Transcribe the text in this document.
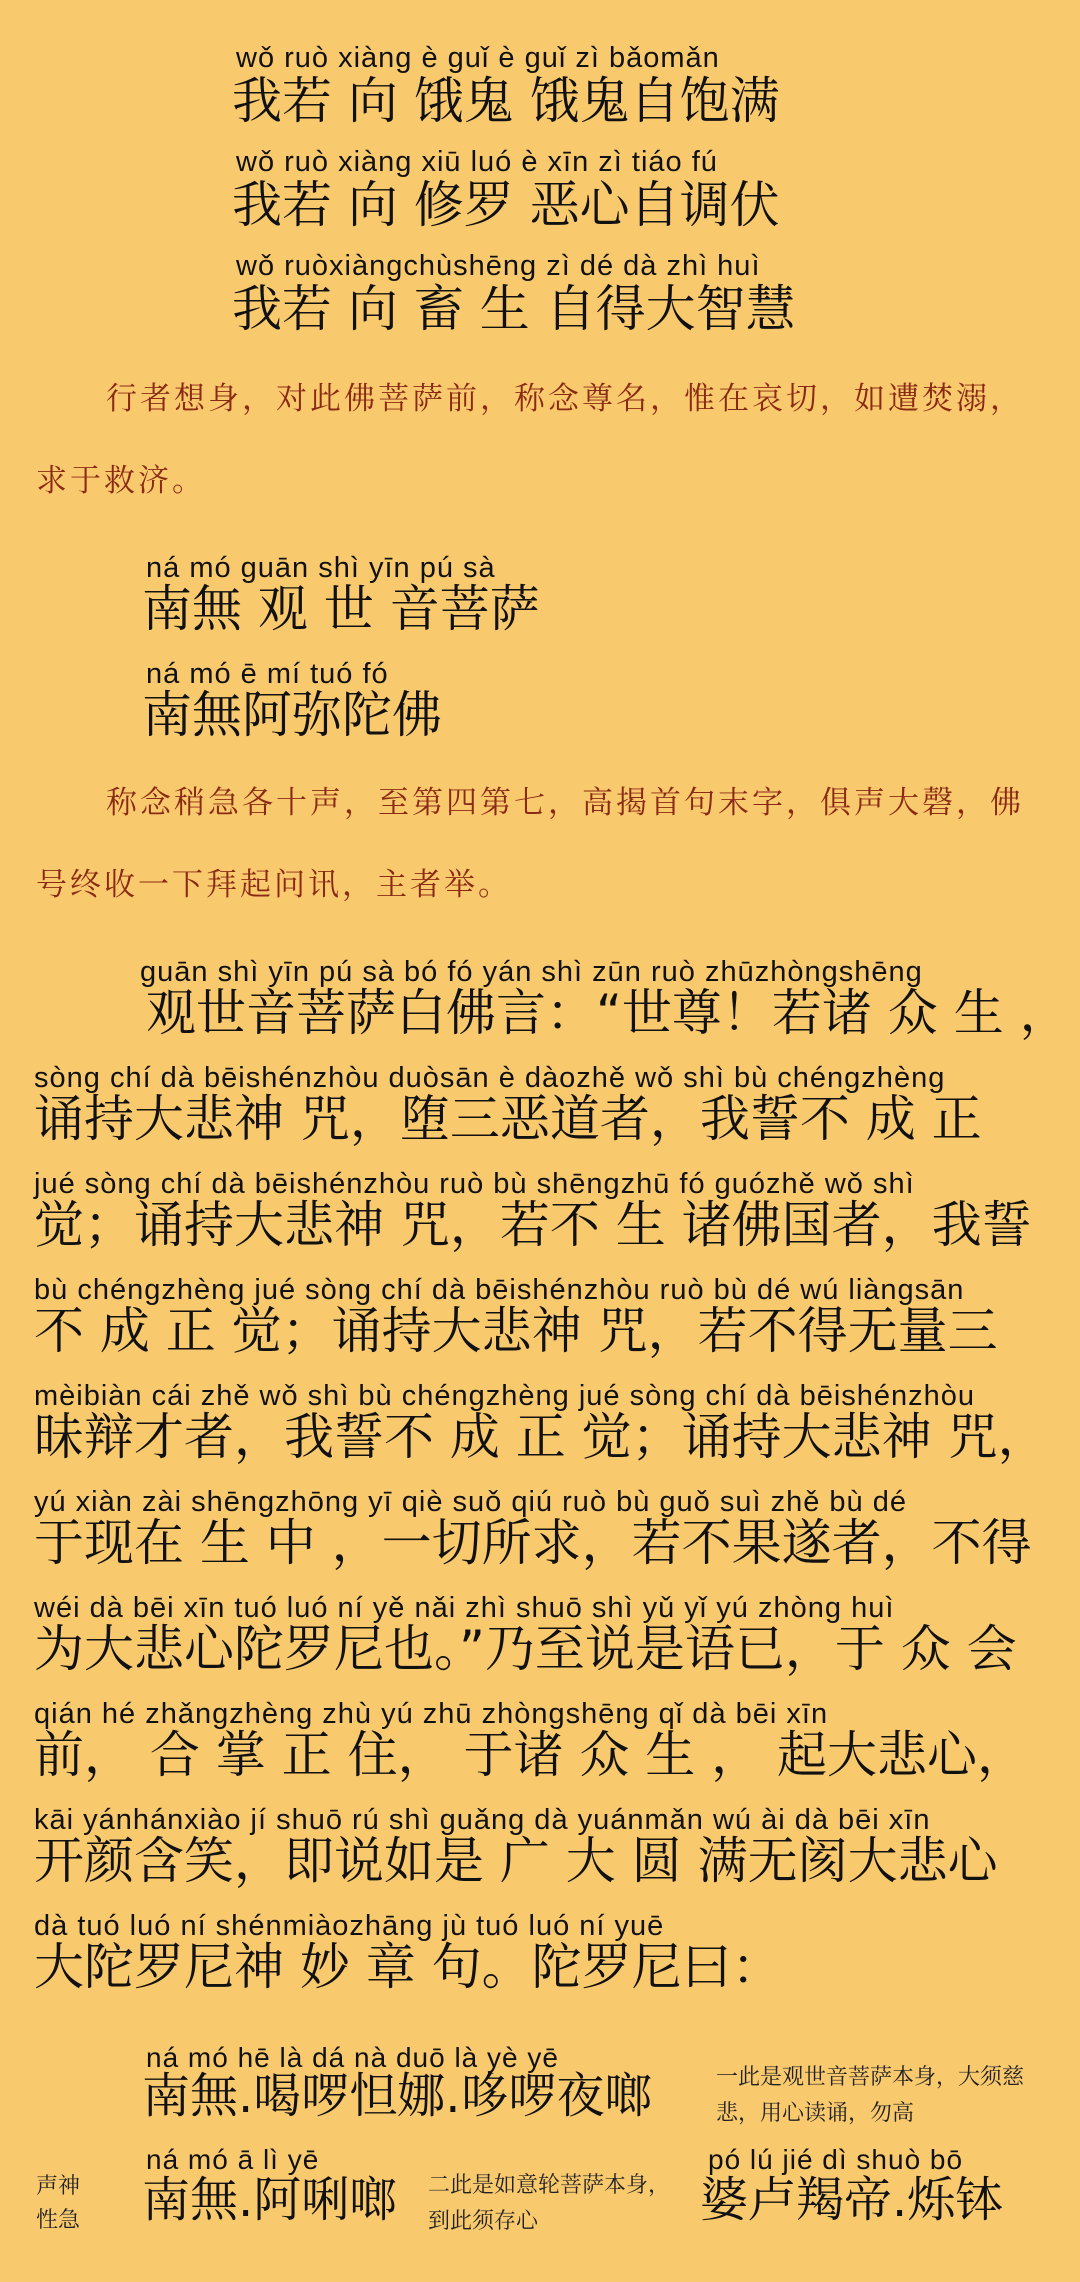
wǒ ruò xiàng è guǐ è guǐ zì bǎomǎn
我若 向 饿鬼 饿鬼自饱满
wǒ ruò xiàng xiū luó è xīn zì tiáo fú
我若 向 修罗 恶心自调伏
wǒ ruòxiàngchùshēng zì dé dà zhì huì
我若 向 畜 生 自得大智慧
行者想身，对此佛菩萨前，称念尊名，惟在哀切，如遭焚溺，求于救济。
ná mó guān shì yīn pú sà
南無 观 世 音菩萨
ná mó ē mí tuó fó
南無阿弥陀佛
称念稍急各十声，至第四第七，高揭首句末字，俱声大磬，佛号终收一下拜起问讯，主者举。
guān shì yīn pú sà bó fó yán shì zūn ruò zhūzhòngshēng
观世音菩萨白佛言：“世尊！若诸 众 生 ，
sòng chí dà bēishénzhòu duòsān è dàozhě wǒ shì bù chéngzhèng
诵持大悲神 咒，堕三恶道者，我誓不 成 正
jué sòng chí dà bēishénzhòu ruò bù shēngzhū fó guózhě wǒ shì
觉；诵持大悲神 咒，若不 生 诸佛国者，我誓
bù chéngzhèng jué sòng chí dà bēishénzhòu ruò bù dé wú liàngsān
不 成 正 觉；诵持大悲神 咒，若不得无量三
mèibiàn cái zhě wǒ shì bù chéngzhèng jué sòng chí dà bēishénzhòu
昧辩才者，我誓不 成 正 觉；诵持大悲神 咒，
yú xiàn zài shēngzhōng yī qiè suǒ qiú ruò bù guǒ suì zhě bù dé
于现在 生 中 ，一切所求，若不果遂者，不得
wéi dà bēi xīn tuó luó ní yě nǎi zhì shuō shì yǔ yǐ yú zhòng huì
为大悲心陀罗尼也。”乃至说是语已，于 众 会
qián hé zhǎngzhèng zhù yú zhū zhòngshēng qǐ dà bēi xīn
前， 合 掌 正 住， 于诸 众 生 ， 起大悲心，
kāi yánhánxiào jí shuō rú shì guǎng dà yuánmǎn wú ài dà bēi xīn
开颜含笑，即说如是 广 大 圆 满无阂大悲心
dà tuó luó ní shénmiàozhāng jù tuó luó ní yuē
大陀罗尼神 妙 章 句。陀罗尼曰：
ná mó hē là dá nà duō là yè yē
南無.喝啰怛娜.哆啰夜啷	一此是观世音菩萨本身，大须慈悲，用心读诵，勿高
声神性急
ná mó ā lì yē
南無.阿唎啷 二此是如意轮菩萨本身，到此须存心
pó lú jié dì shuò bō
婆卢羯帝.烁钵
